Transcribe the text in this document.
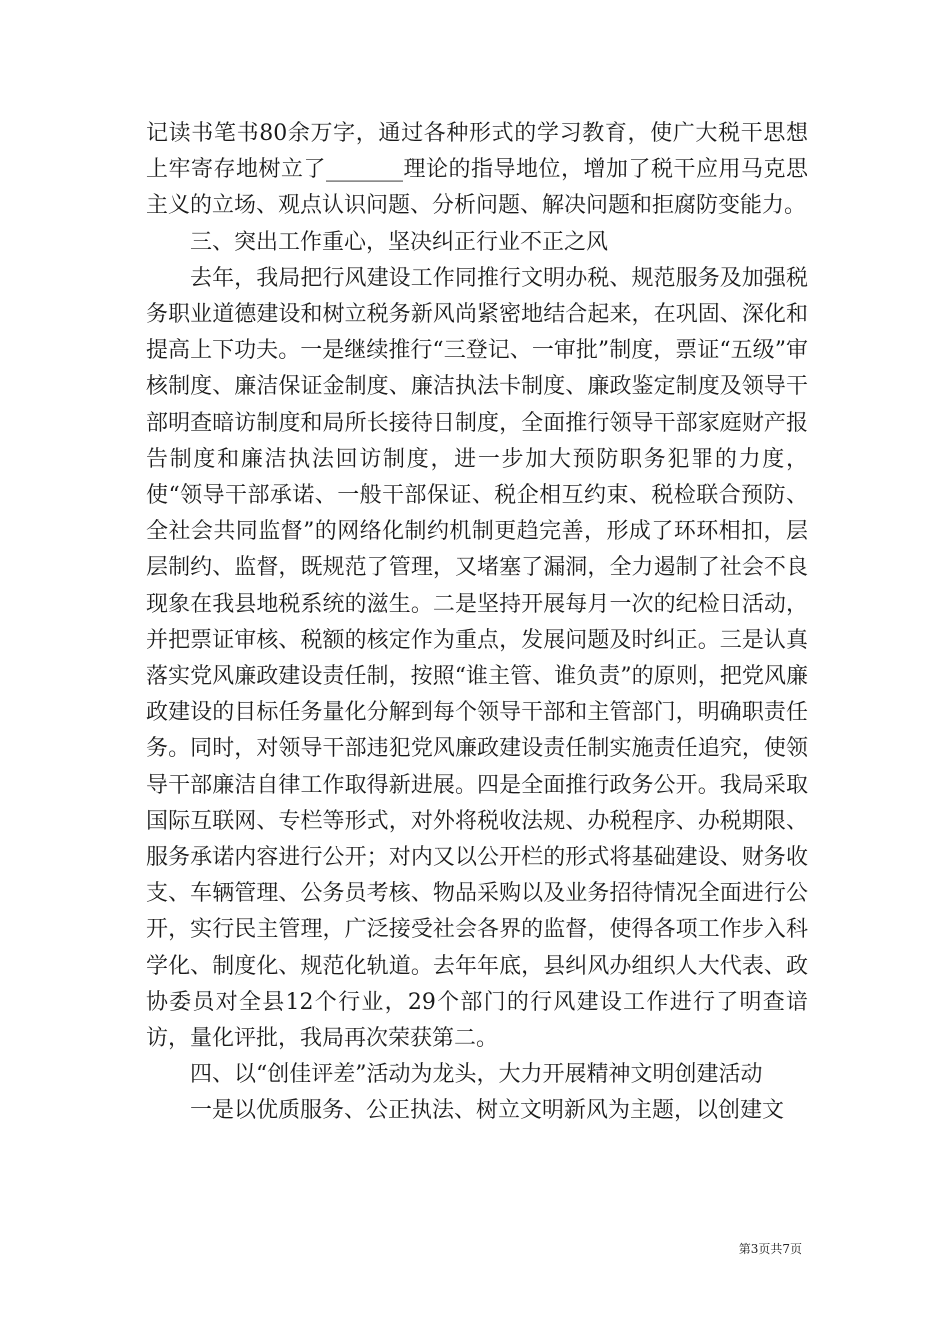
记读书笔书80余万字，通过各种形式的学习教育，使广大税干思想上牢寄存地树立了_______理论的指导地位，增加了税干应用马克思主义的立场、观点认识问题、分析问题、解决问题和拒腐防变能力。

三、突出工作重心，坚决纠正行业不正之风

去年，我局把行风建设工作同推行文明办税、规范服务及加强税务职业道德建设和树立税务新风尚紧密地结合起来，在巩固、深化和提高上下功夫。一是继续推行“三登记、一审批”制度，票证“五级”审核制度、廉洁保证金制度、廉洁执法卡制度、廉政鉴定制度及领导干部明查暗访制度和局所长接待日制度，全面推行领导干部家庭财产报告制度和廉洁执法回访制度，进一步加大预防职务犯罪的力度，使“领导干部承诺、一般干部保证、税企相互约束、税检联合预防、全社会共同监督”的网络化制约机制更趋完善，形成了环环相扣，层层制约、监督，既规范了管理，又堵塞了漏洞，全力遏制了社会不良现象在我县地税系统的滋生。二是坚持开展每月一次的纪检日活动，并把票证审核、税额的核定作为重点，发展问题及时纠正。三是认真落实党风廉政建设责任制，按照“谁主管、谁负责”的原则，把党风廉政建设的目标任务量化分解到每个领导干部和主管部门，明确职责任务。同时，对领导干部违犯党风廉政建设责任制实施责任追究，使领导干部廉洁自律工作取得新进展。四是全面推行政务公开。我局采取国际互联网、专栏等形式，对外将税收法规、办税程序、办税期限、服务承诺内容进行公开；对内又以公开栏的形式将基础建设、财务收支、车辆管理、公务员考核、物品采购以及业务招待情况全面进行公开，实行民主管理，广泛接受社会各界的监督，使得各项工作步入科学化、制度化、规范化轨道。去年年底，县纠风办组织人大代表、政协委员对全县12个行业，29个部门的行风建设工作进行了明查谙访，量化评批，我局再次荣获第二。

四、以“创佳评差”活动为龙头，大力开展精神文明创建活动

一是以优质服务、公正执法、树立文明新风为主题，以创建文

第3页共7页
